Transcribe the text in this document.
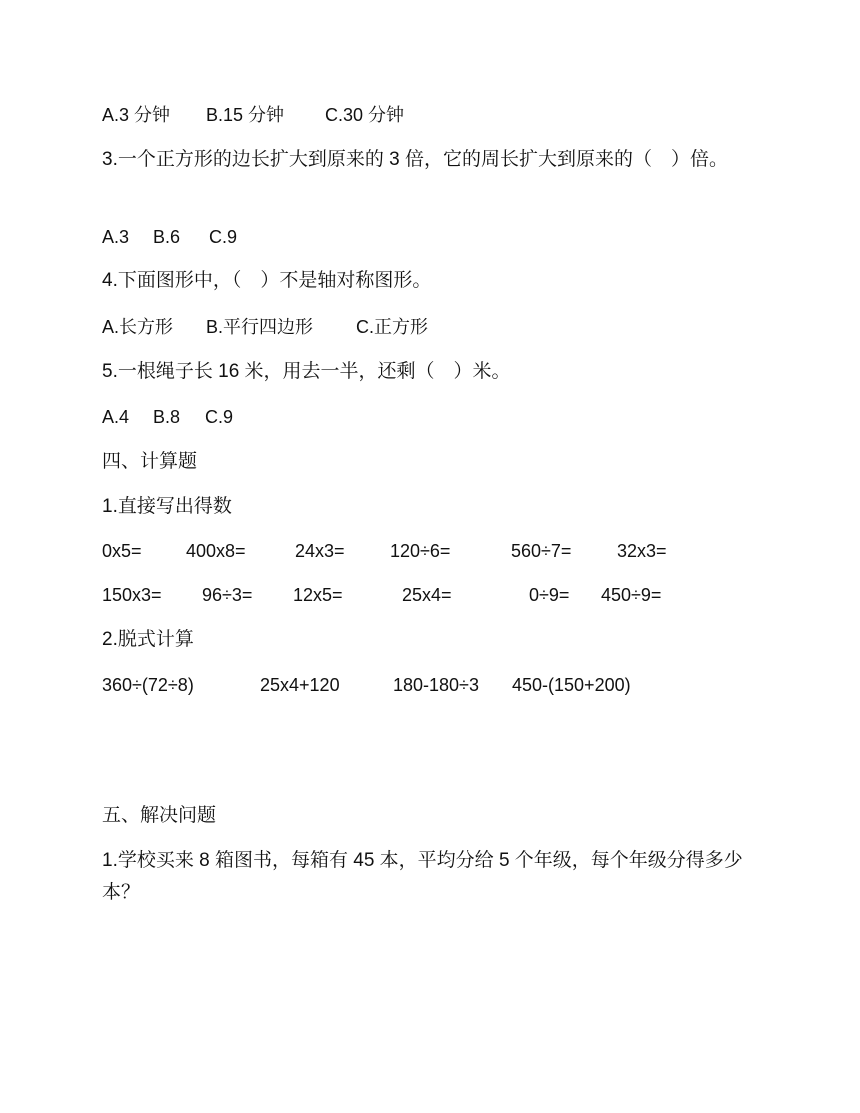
A.3 分钟 B.15 分钟 C.30 分钟
3.一个正方形的边长扩大到原来的 3 倍，它的周长扩大到原来的（　）倍。
A.3 B.6 C.9
4.下面图形中，（　）不是轴对称图形。
A.长方形 B.平行四边形 C.正方形
5.一根绳子长 16 米，用去一半，还剩（　）米。
A.4 B.8 C.9
四、计算题
1.直接写出得数
0x5= 400x8=	24x3=	120÷6=	560÷7=	32x3=
150x3= 96÷3= 12x5=	25x4=	0÷9= 450÷9=
2.脱式计算
360÷(72÷8)	25x4+120	180-180÷3 450-(150+200)
五、解决问题
1.学校买来 8 箱图书，每箱有 45 本，平均分给 5 个年级，每个年级分得多少本？
